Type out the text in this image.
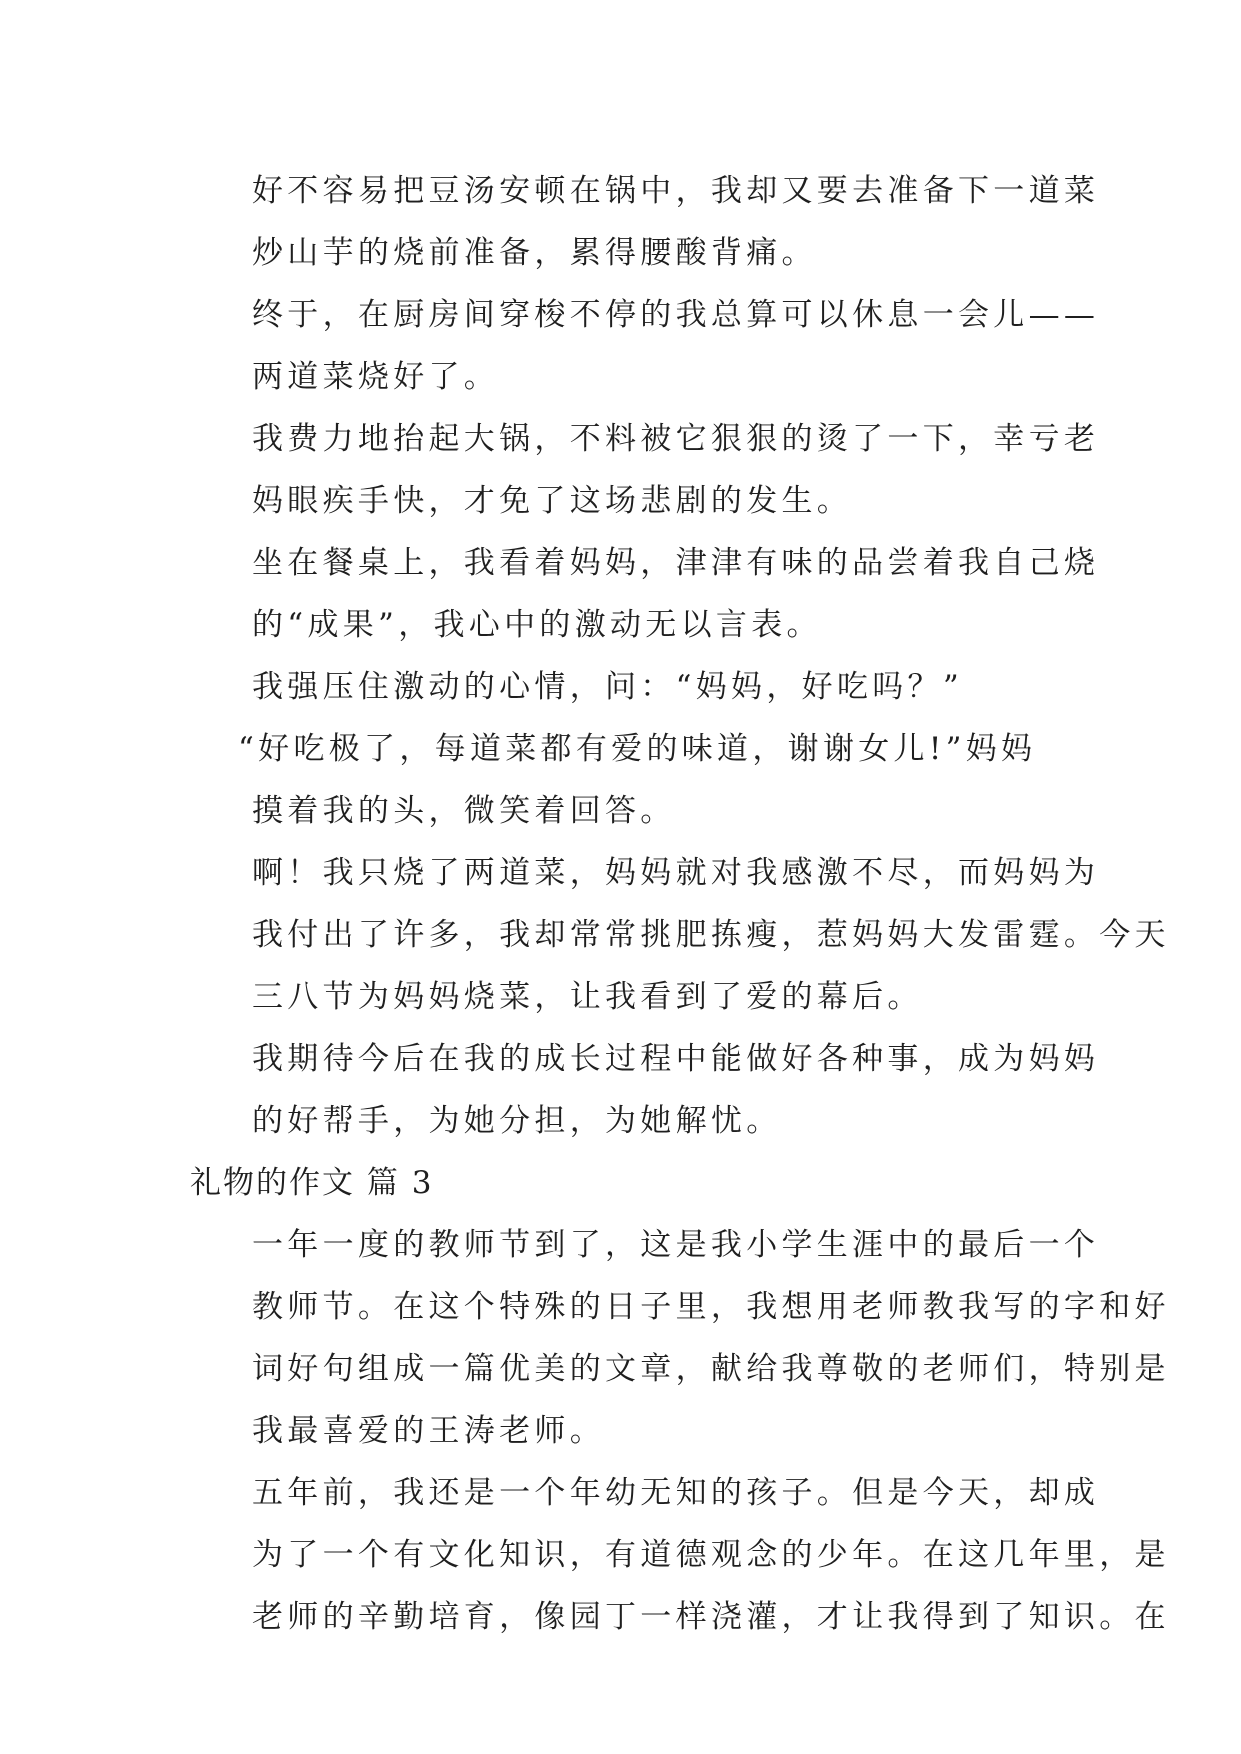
好不容易把豆汤安顿在锅中，我却又要去准备下一道菜
炒山芋的烧前准备，累得腰酸背痛。
终于，在厨房间穿梭不停的我总算可以休息一会儿——
两道菜烧好了。
我费力地抬起大锅，不料被它狠狠的烫了一下，幸亏老
妈眼疾手快，才免了这场悲剧的发生。
坐在餐桌上，我看着妈妈，津津有味的品尝着我自己烧
的“成果”，我心中的激动无以言表。
我强压住激动的心情，问：“妈妈，好吃吗？”
“好吃极了，每道菜都有爱的味道，谢谢女儿!”妈妈
摸着我的头，微笑着回答。
啊！我只烧了两道菜，妈妈就对我感激不尽，而妈妈为
我付出了许多，我却常常挑肥拣瘦，惹妈妈大发雷霆。今天
三八节为妈妈烧菜，让我看到了爱的幕后。
我期待今后在我的成长过程中能做好各种事，成为妈妈
的好帮手，为她分担，为她解忧。
礼物的作文 篇 3
一年一度的教师节到了，这是我小学生涯中的最后一个
教师节。在这个特殊的日子里，我想用老师教我写的字和好
词好句组成一篇优美的文章，献给我尊敬的老师们，特别是
我最喜爱的王涛老师。
五年前，我还是一个年幼无知的孩子。但是今天，却成
为了一个有文化知识，有道德观念的少年。在这几年里，是
老师的辛勤培育，像园丁一样浇灌，才让我得到了知识。在
